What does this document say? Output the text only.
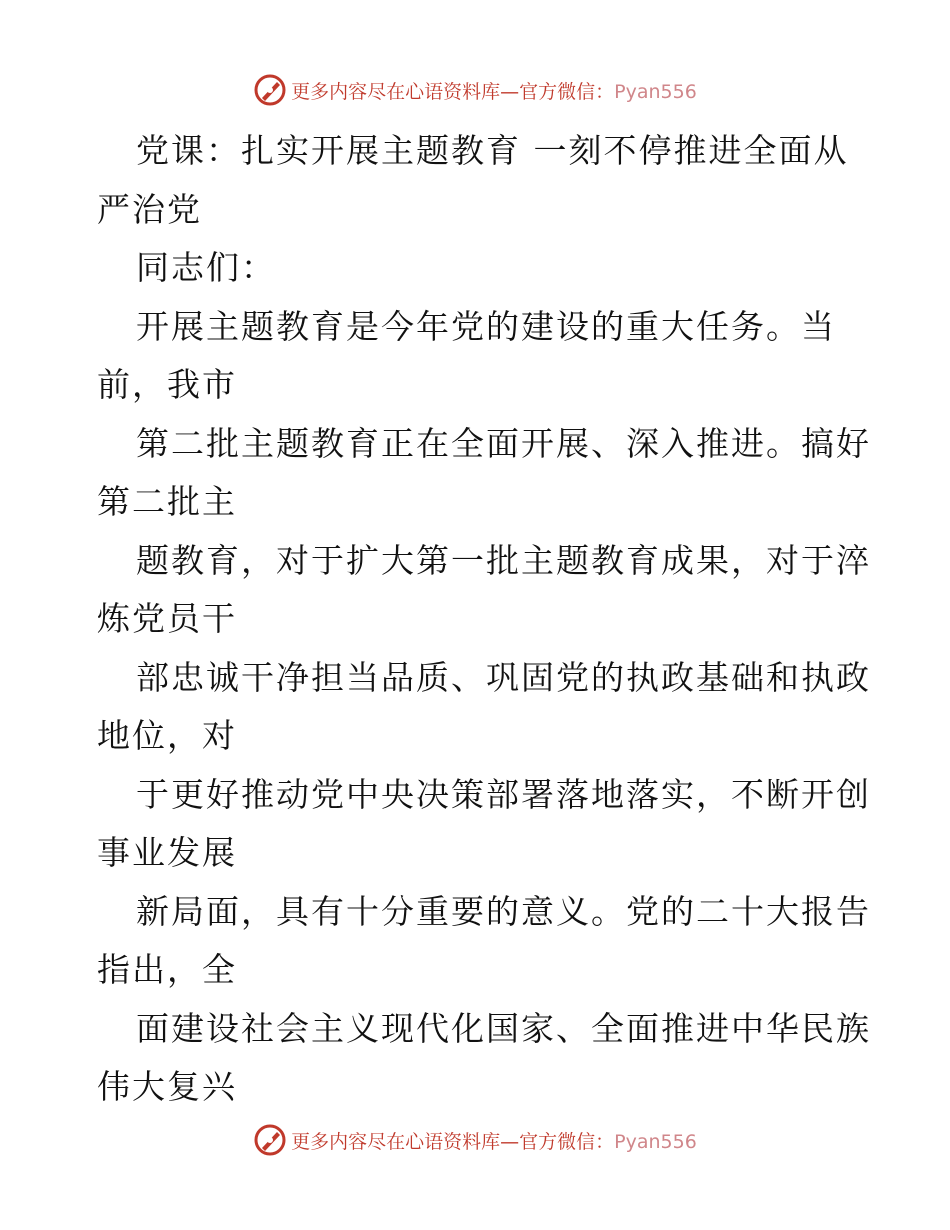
更多内容尽在心语资料库—官方微信：Pyan556
党课：扎实开展主题教育 一刻不停推进全面从
严治党
同志们：
开展主题教育是今年党的建设的重大任务。当
前，我市
第二批主题教育正在全面开展、深入推进。搞好
第二批主
题教育，对于扩大第一批主题教育成果，对于淬
炼党员干
部忠诚干净担当品质、巩固党的执政基础和执政
地位，对
于更好推动党中央决策部署落地落实，不断开创
事业发展
新局面，具有十分重要的意义。党的二十大报告
指出，全
面建设社会主义现代化国家、全面推进中华民族
伟大复兴
更多内容尽在心语资料库—官方微信：Pyan556
